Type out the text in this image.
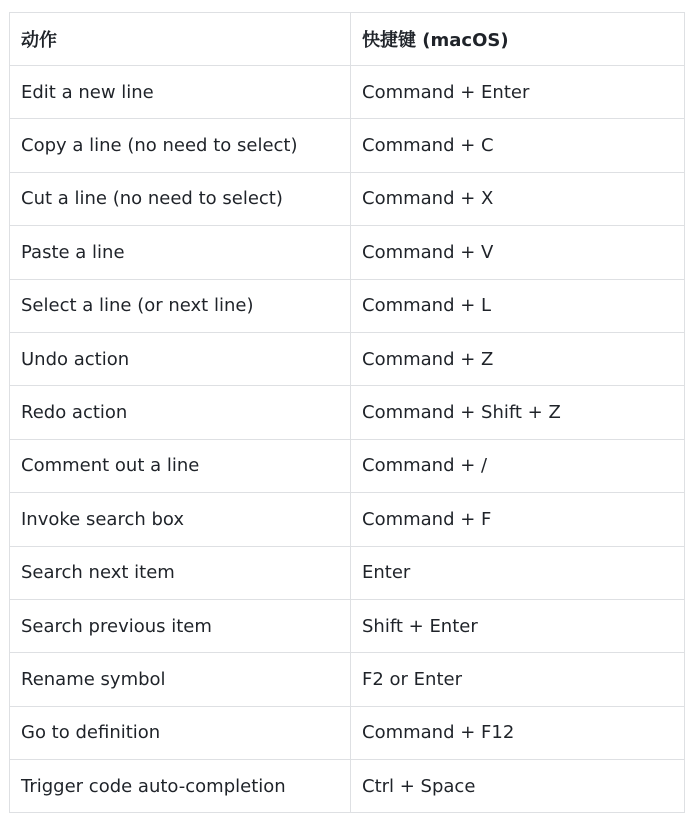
动作	快捷键 (macOS)
Edit a new line	Command + Enter
Copy a line (no need to select)	Command + C
Cut a line (no need to select)	Command + X
Paste a line	Command + V
Select a line (or next line)	Command + L
Undo action	Command + Z
Redo action	Command + Shift + Z
Comment out a line	Command + /
Invoke search box	Command + F
Search next item	Enter
Search previous item	Shift + Enter
Rename symbol	F2 or Enter
Go to definition	Command + F12
Trigger code auto-completion	Ctrl + Space
